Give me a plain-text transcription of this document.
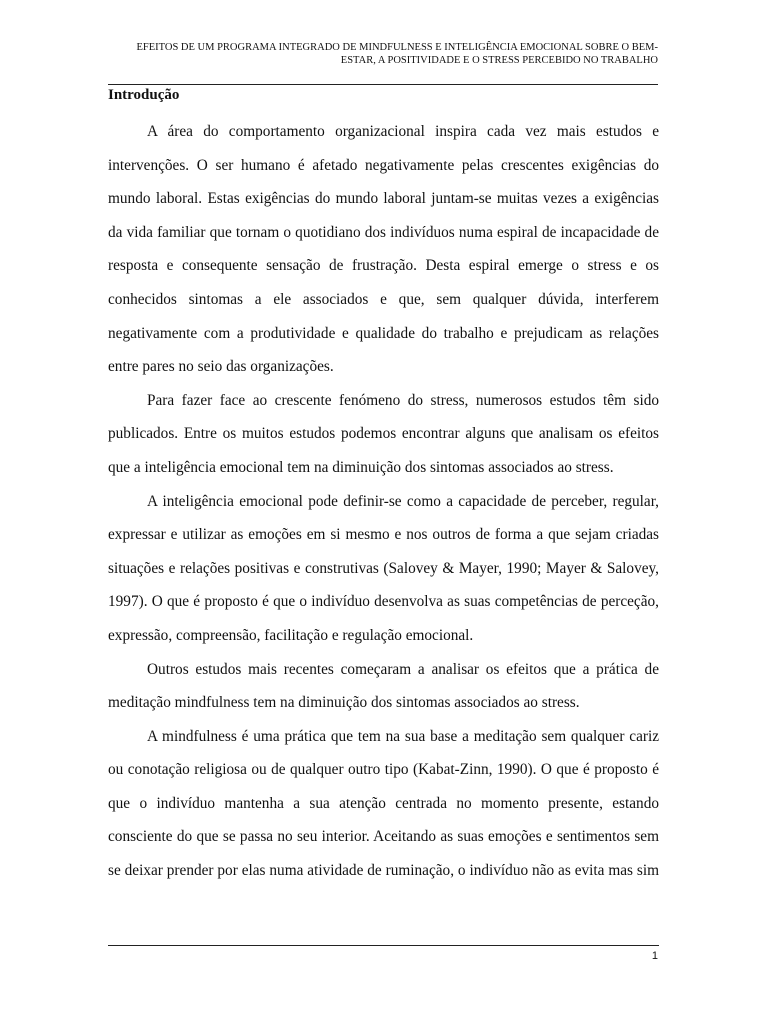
EFEITOS DE UM PROGRAMA INTEGRADO DE MINDFULNESS E INTELIGÊNCIA EMOCIONAL SOBRE O BEM-
ESTAR, A POSITIVIDADE E O STRESS PERCEBIDO NO TRABALHO
Introdução
A área do comportamento organizacional inspira cada vez mais estudos e
intervenções. O ser humano é afetado negativamente pelas crescentes exigências do
mundo laboral. Estas exigências do mundo laboral juntam-se muitas vezes a exigências
da vida familiar que tornam o quotidiano dos indivíduos numa espiral de incapacidade de
resposta e consequente sensação de frustração. Desta espiral emerge o stress e os
conhecidos sintomas a ele associados e que, sem qualquer dúvida, interferem
negativamente com a produtividade e qualidade do trabalho e prejudicam as relações
entre pares no seio das organizações.
Para fazer face ao crescente fenómeno do stress, numerosos estudos têm sido
publicados. Entre os muitos estudos podemos encontrar alguns que analisam os efeitos
que a inteligência emocional tem na diminuição dos sintomas associados ao stress.
A inteligência emocional pode definir-se como a capacidade de perceber, regular,
expressar e utilizar as emoções em si mesmo e nos outros de forma a que sejam criadas
situações e relações positivas e construtivas (Salovey & Mayer, 1990; Mayer & Salovey,
1997). O que é proposto é que o indivíduo desenvolva as suas competências de perceção,
expressão, compreensão, facilitação e regulação emocional.
Outros estudos mais recentes começaram a analisar os efeitos que a prática de
meditação mindfulness tem na diminuição dos sintomas associados ao stress.
A mindfulness é uma prática que tem na sua base a meditação sem qualquer cariz
ou conotação religiosa ou de qualquer outro tipo (Kabat-Zinn, 1990). O que é proposto é
que o indivíduo mantenha a sua atenção centrada no momento presente, estando
consciente do que se passa no seu interior. Aceitando as suas emoções e sentimentos sem
se deixar prender por elas numa atividade de ruminação, o indivíduo não as evita mas sim
1
